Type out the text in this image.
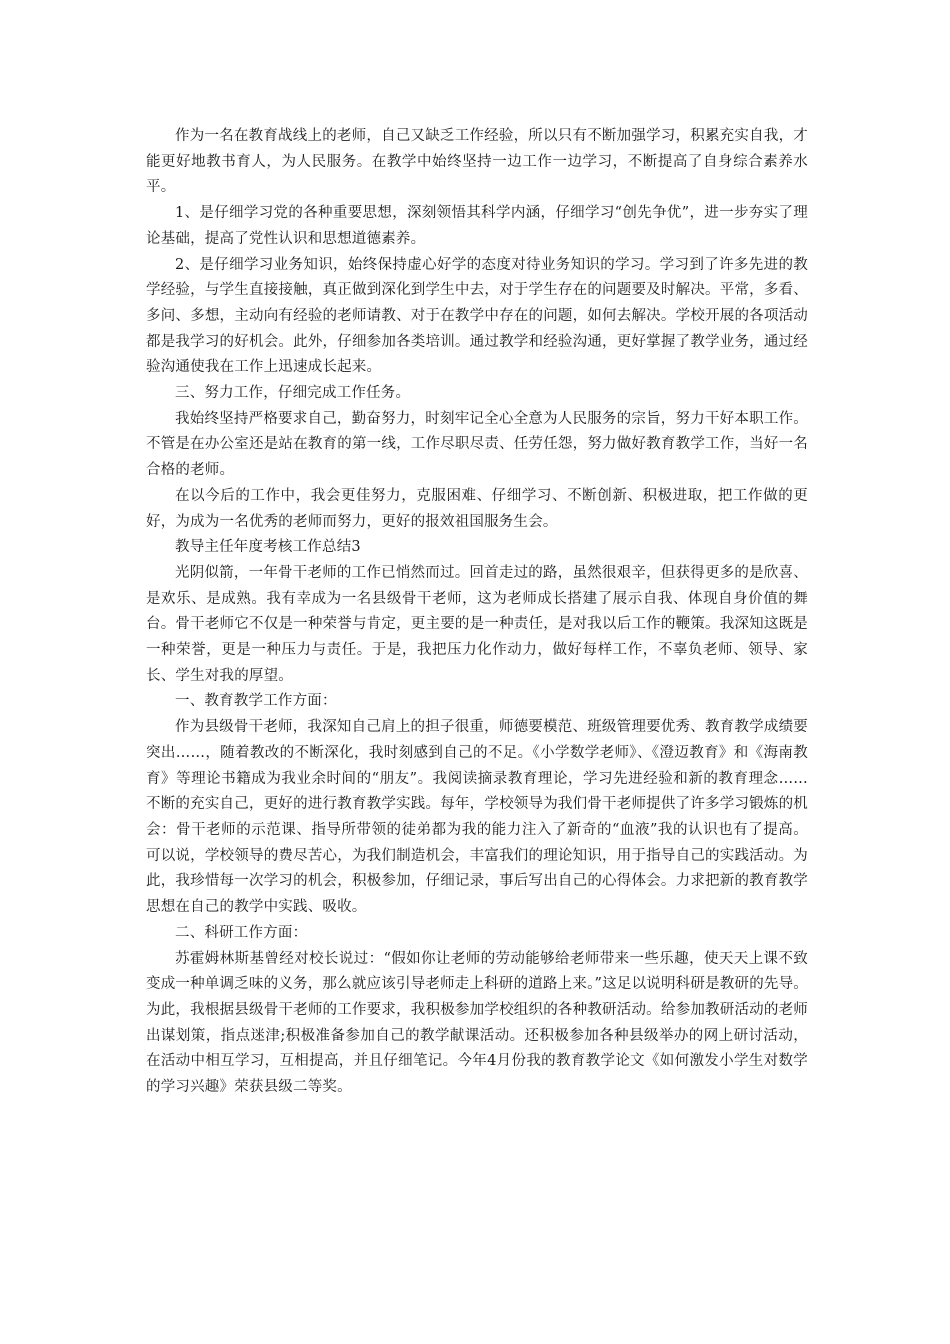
作为一名在教育战线上的老师，自己又缺乏工作经验，所以只有不断加强学习，积累充实自我，才能更好地教书育人，为人民服务。在教学中始终坚持一边工作一边学习，不断提高了自身综合素养水平。

1、是仔细学习党的各种重要思想，深刻领悟其科学内涵，仔细学习“创先争优”，进一步夯实了理论基础，提高了党性认识和思想道德素养。

2、是仔细学习业务知识，始终保持虚心好学的态度对待业务知识的学习。学习到了许多先进的教学经验，与学生直接接触，真正做到深化到学生中去，对于学生存在的问题要及时解决。平常，多看、多问、多想，主动向有经验的老师请教、对于在教学中存在的问题，如何去解决。学校开展的各项活动都是我学习的好机会。此外，仔细参加各类培训。通过教学和经验沟通，更好掌握了教学业务，通过经验沟通使我在工作上迅速成长起来。

三、努力工作，仔细完成工作任务。

我始终坚持严格要求自己，勤奋努力，时刻牢记全心全意为人民服务的宗旨，努力干好本职工作。不管是在办公室还是站在教育的第一线，工作尽职尽责、任劳任怨，努力做好教育教学工作，当好一名合格的老师。

在以今后的工作中，我会更佳努力，克服困难、仔细学习、不断创新、积极进取，把工作做的更好，为成为一名优秀的老师而努力，更好的报效祖国服务生会。

教导主任年度考核工作总结3

光阴似箭，一年骨干老师的工作已悄然而过。回首走过的路，虽然很艰辛，但获得更多的是欣喜、是欢乐、是成熟。我有幸成为一名县级骨干老师，这为老师成长搭建了展示自我、体现自身价值的舞台。骨干老师它不仅是一种荣誉与肯定，更主要的是一种责任，是对我以后工作的鞭策。我深知这既是一种荣誉，更是一种压力与责任。于是，我把压力化作动力，做好每样工作，不辜负老师、领导、家长、学生对我的厚望。

一、教育教学工作方面：

作为县级骨干老师，我深知自己肩上的担子很重，师德要模范、班级管理要优秀、教育教学成绩要突出……，随着教改的不断深化，我时刻感到自己的不足。《小学数学老师》、《澄迈教育》和《海南教育》等理论书籍成为我业余时间的“朋友”。我阅读摘录教育理论，学习先进经验和新的教育理念……不断的充实自己，更好的进行教育教学实践。每年，学校领导为我们骨干老师提供了许多学习锻炼的机会：骨干老师的示范课、指导所带领的徒弟都为我的能力注入了新奇的“血液”我的认识也有了提高。可以说，学校领导的费尽苦心，为我们制造机会，丰富我们的理论知识，用于指导自己的实践活动。为此，我珍惜每一次学习的机会，积极参加，仔细记录，事后写出自己的心得体会。力求把新的教育教学思想在自己的教学中实践、吸收。

二、科研工作方面：

苏霍姆林斯基曾经对校长说过：“假如你让老师的劳动能够给老师带来一些乐趣，使天天上课不致变成一种单调乏味的义务，那么就应该引导老师走上科研的道路上来。”这足以说明科研是教研的先导。为此，我根据县级骨干老师的工作要求，我积极参加学校组织的各种教研活动。给参加教研活动的老师出谋划策，指点迷津;积极准备参加自己的教学献课活动。还积极参加各种县级举办的网上研讨活动，在活动中相互学习，互相提高，并且仔细笔记。今年4月份我的教育教学论文《如何激发小学生对数学的学习兴趣》荣获县级二等奖。
